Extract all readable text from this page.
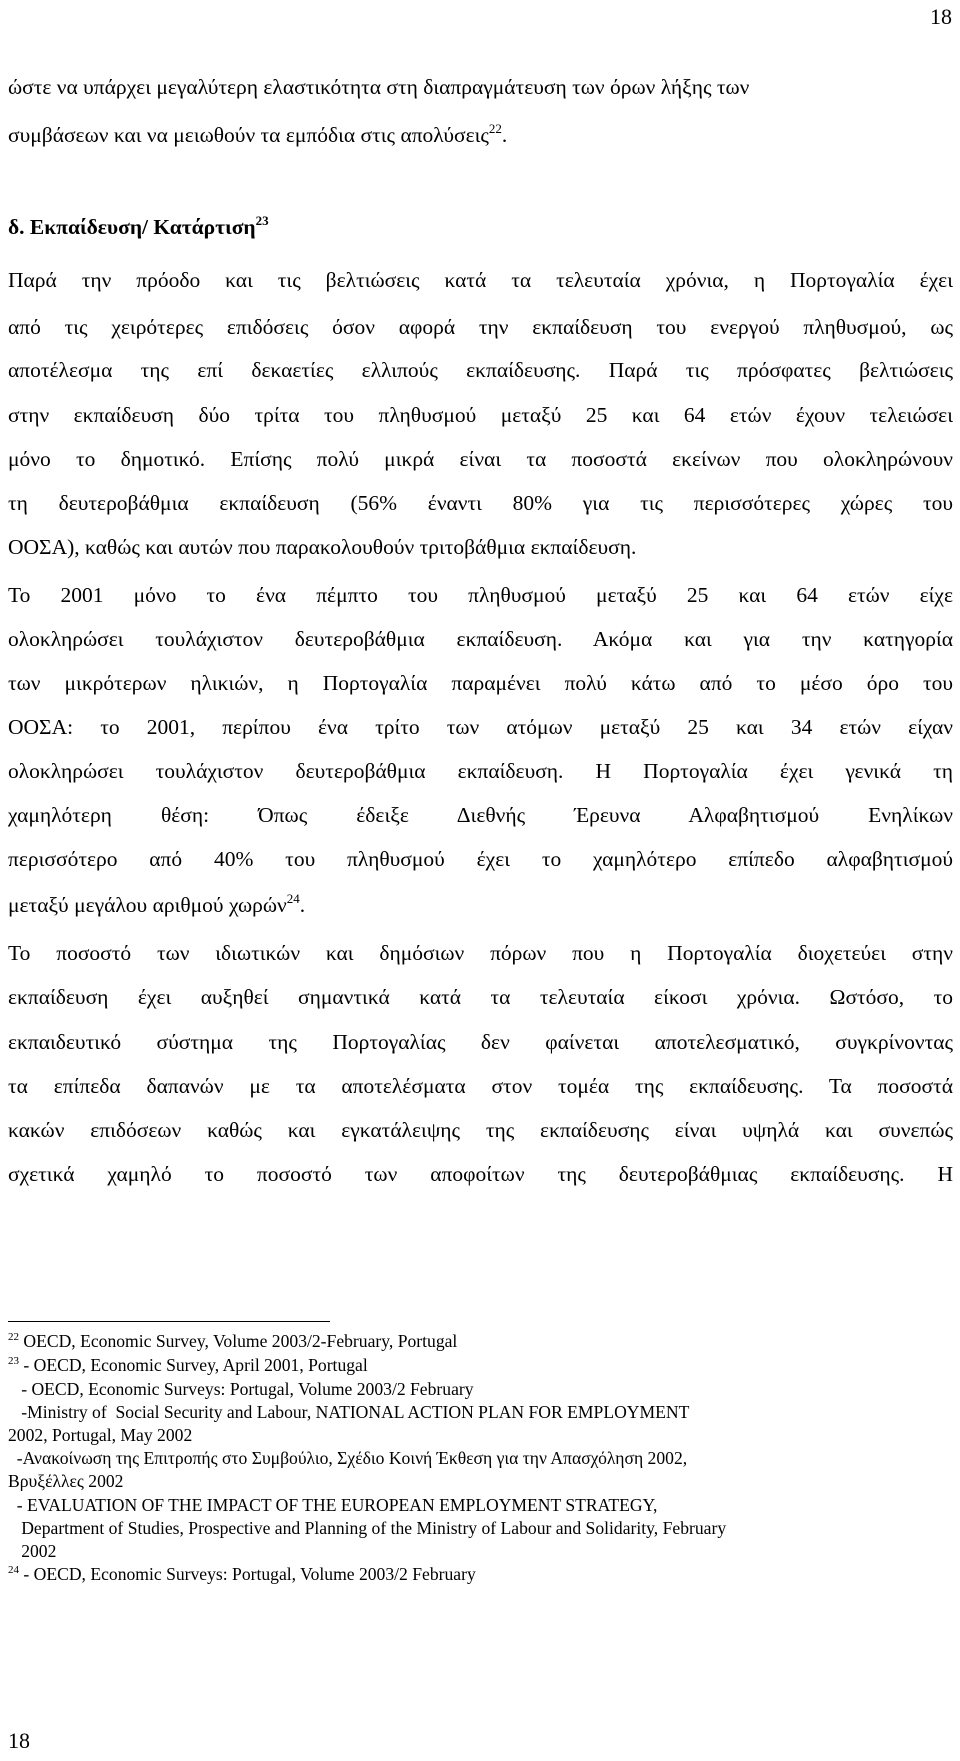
18
ώστε να υπάρχει μεγαλύτερη ελαστικότητα στη διαπραγμάτευση των όρων λήξης των
συμβάσεων και να μειωθούν τα εμπόδια στις απολύσεις$^{22}$.
δ. Εκπαίδευση/ Κατάρτιση$^{23}$
Παρά την πρόοδο και τις βελτιώσεις κατά τα τελευταία χρόνια, η Πορτογαλία έχει
από τις χειρότερες επιδόσεις όσον αφορά την εκπαίδευση του ενεργού πληθυσμού, ως
αποτέλεσμα της επί δεκαετίες ελλιπούς εκπαίδευσης. Παρά τις πρόσφατες βελτιώσεις
στην εκπαίδευση δύο τρίτα του πληθυσμού μεταξύ 25 και 64 ετών έχουν τελειώσει
μόνο το δημοτικό. Επίσης πολύ μικρά είναι τα ποσοστά εκείνων που ολοκληρώνουν
τη δευτεροβάθμια εκπαίδευση (56% έναντι 80% για τις περισσότερες χώρες του
ΟΟΣΑ), καθώς και αυτών που παρακολουθούν τριτοβάθμια εκπαίδευση.
Το 2001 μόνο το ένα πέμπτο του πληθυσμού μεταξύ 25 και 64 ετών είχε
ολοκληρώσει τουλάχιστον δευτεροβάθμια εκπαίδευση. Ακόμα και για την κατηγορία
των μικρότερων ηλικιών, η Πορτογαλία παραμένει πολύ κάτω από το μέσο όρο του
ΟΟΣΑ: το 2001, περίπου ένα τρίτο των ατόμων μεταξύ 25 και 34 ετών είχαν
ολοκληρώσει τουλάχιστον δευτεροβάθμια εκπαίδευση. Η Πορτογαλία έχει γενικά τη
χαμηλότερη θέση: Όπως έδειξε Διεθνής Έρευνα Αλφαβητισμού Ενηλίκων
περισσότερο από 40% του πληθυσμού έχει το χαμηλότερο επίπεδο αλφαβητισμού
μεταξύ μεγάλου αριθμού χωρών$^{24}$.
Το ποσοστό των ιδιωτικών και δημόσιων πόρων που η Πορτογαλία διοχετεύει στην
εκπαίδευση έχει αυξηθεί σημαντικά κατά τα τελευταία είκοσι χρόνια. Ωστόσο, το
εκπαιδευτικό σύστημα της Πορτογαλίας δεν φαίνεται αποτελεσματικό, συγκρίνοντας
τα επίπεδα δαπανών με τα αποτελέσματα στον τομέα της εκπαίδευσης. Τα ποσοστά
κακών επιδόσεων καθώς και εγκατάλειψης της εκπαίδευσης είναι υψηλά και συνεπώς
σχετικά χαμηλό το ποσοστό των αποφοίτων της δευτεροβάθμιας εκπαίδευσης. Η
$^{22}$ OECD, Economic Survey, Volume 2003/2-February, Portugal
$^{23}$ - OECD, Economic Survey, April 2001, Portugal
- OECD, Economic Surveys: Portugal, Volume 2003/2 February
-Ministry of  Social Security and Labour, NATIONAL ACTION PLAN FOR EMPLOYMENT
2002, Portugal, May 2002
-Ανακοίνωση της Επιτροπής στο Συμβούλιο, Σχέδιο Κοινή Έκθεση για την Απασχόληση 2002,
Βρυξέλλες 2002
- EVALUATION OF THE IMPACT OF THE EUROPEAN EMPLOYMENT STRATEGY,
Department of Studies, Prospective and Planning of the Ministry of Labour and Solidarity, February
2002
$^{24}$ - OECD, Economic Surveys: Portugal, Volume 2003/2 February
18
